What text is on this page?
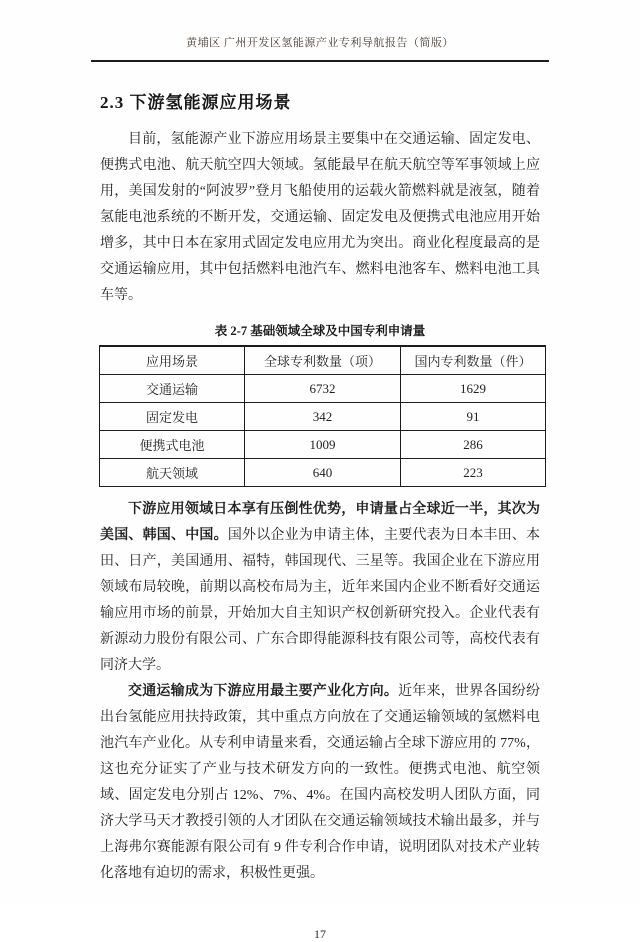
黄埔区 广州开发区氢能源产业专利导航报告（简版）
2.3 下游氢能源应用场景

目前，氢能源产业下游应用场景主要集中在交通运输、固定发电、便携式电池、航天航空四大领域。氢能最早在航天航空等军事领域上应用，美国发射的“阿波罗”登月飞船使用的运载火箭燃料就是液氢，随着氢能电池系统的不断开发，交通运输、固定发电及便携式电池应用开始增多，其中日本在家用式固定发电应用尤为突出。商业化程度最高的是交通运输应用，其中包括燃料电池汽车、燃料电池客车、燃料电池工具车等。

表 2-7 基础领域全球及中国专利申请量
应用场景	全球专利数量（项）	国内专利数量（件）
交通运输	6732	1629
固定发电	342	91
便携式电池	1009	286
航天领域	640	223

下游应用领域日本享有压倒性优势，申请量占全球近一半，其次为美国、韩国、中国。国外以企业为申请主体，主要代表为日本丰田、本田、日产，美国通用、福特，韩国现代、三星等。我国企业在下游应用领域布局较晚，前期以高校布局为主，近年来国内企业不断看好交通运输应用市场的前景，开始加大自主知识产权创新研究投入。企业代表有新源动力股份有限公司、广东合即得能源科技有限公司等，高校代表有同济大学。

交通运输成为下游应用最主要产业化方向。近年来，世界各国纷纷出台氢能应用扶持政策，其中重点方向放在了交通运输领域的氢燃料电池汽车产业化。从专利申请量来看，交通运输占全球下游应用的 77%，这也充分证实了产业与技术研发方向的一致性。便携式电池、航空领域、固定发电分别占 12%、7%、4%。在国内高校发明人团队方面，同济大学马天才教授引领的人才团队在交通运输领域技术输出最多，并与上海弗尔赛能源有限公司有 9 件专利合作申请，说明团队对技术产业转化落地有迫切的需求，积极性更强。

17
